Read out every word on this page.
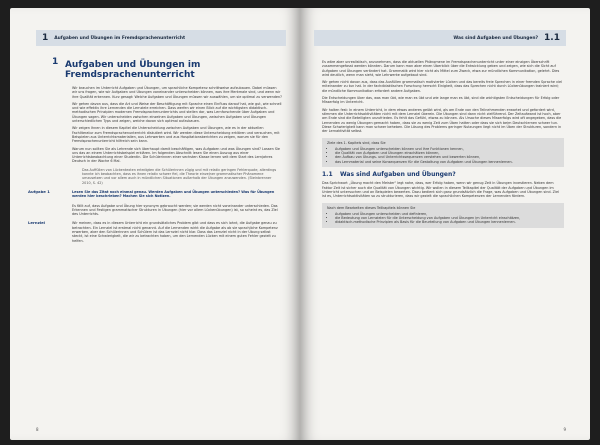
1	Aufgaben und Übungen im Fremdsprachenunterricht
1 Aufgaben und Übungen im Fremdsprachenunterricht

Wir brauchen im Unterricht Aufgaben und Übungen, um sprachliche Kompetenz schrittweise aufzubauen. Dabei müssen wir uns fragen, wie wir Aufgaben und Übungen voneinander unterscheiden können, was ihre Merkmale sind, und wenn wir ihre Qualität erkennen. Kurz gesagt: Welche Aufgaben und Übungen müssen wir auswählen, um sie optimal zu verwenden?

Wir gehen davon aus, dass die Art und Weise der Beschäftigung mit Sprache einen Einfluss darauf hat, wie gut, wie schnell und wie effektiv ihre Lernenden die Lernziele erreichen. Dass werfen wir einen Blick auf die wichtigsten didaktisch-methodischen Prinzipien modernen Fremdsprachenunterrichts und stellen dar, was Lernforschende über Aufgaben und Übungen sagen. Wir unterscheiden zwischen einzelnen Aufgaben und Übungen, zwischen Aufgaben und Übungen unterschiedlichen Typs und zeigen, welche davon sich optimal aufzubauen.

Wir zeigen Ihnen in diesem Kapitel die Unterscheidung zwischen Aufgaben und Übungen, wie es in der aktuellen Fachliteratur zum Fremdsprachenunterricht diskutiert wird. Wir werden diese Unterscheidung erklären und versuchen, mit Beispielen aus Unterrichtsmaterialien, aus Lehrwerken und aus Hospitationsberichten zu zeigen, warum sie für den Fremdsprachenunterricht hilfreich sein kann.

Warum nun sollten Sie als Lehrende sich überhaupt damit beschäftigen, was Aufgaben und was Übungen sind? Lassen Sie uns das an einem Unterrichtsbeispiel erklären. Im folgenden Abschnitt lesen Sie einen Auszug aus einer Unterrichtsbeobachtung einer Studentin. Die Schülerinnen einer sechsten Klasse lernen seit dem Start des Lernjahres Deutsch in der Woche 6 Mal.

Das Auffüllen von Lückentexten erledigten die Schülerinnen zügig und mit relativ geringen Fehlerquote, allerdings konnte ich beobachten, dass es ihnen relativ schwer fiel, die Theorie einzelner grammatischer Phänomene umzusetzen und vor allem auch in mündlichen Situationen außerhalb der Übungen anzuwenden. (Steinbrenner 2010, S. 42)

Aufgabe 1	Lesen Sie das Zitat noch einmal genau. Werden Aufgaben und Übungen unterschieden? Was für Übungen werden hier beschrieben? Machen Sie sich Notizen.

Es fällt auf, dass Aufgabe und Übung hier synonym gebraucht werden; sie werden nicht voneinander unterschieden. Das Erkennen und Festigen grammatischer Strukturen in Übungen (hier vor allem Lückenübungen) ist, so scheint es, das Ziel des Unterrichts.

Lernziel	Wir meinen, dass es in diesem Unterricht ein grundsätzliches Problem gibt und dass es sich lohnt, die Aufgabe genau zu betrachten. Ein Lernziel ist erstmal nicht genannt. Auf die Lernenden wirkt die Aufgabe als ob sie sprachliche Kompetenz erwerben, aber den Schülerinnen und Schülern ist das Lernziel nicht klar. Dass das Lernziel nicht in der Übung selbst steckt, ist eine Schwierigkeit, die wir zu betrachten haben, um den Lernenden Lücken mit einem guten Fehler gezielt zu helfen.

8
Was sind Aufgaben und Übungen? 1.1

Es wäre aber unrealistisch, anzunehmen, dass die aktuellen Phänomene im Fremdsprachenunterricht unter einer einzigen Überschrift zusammengefasst werden könnten. Darum kann man aber einen Überblick über die Entwicklung geben und zeigen, wie sich die Sicht auf Aufgaben und Übungen verändert hat. Grammatik wird hier nicht als Mittel zum Zweck, etwa zur mündlichen Kommunikation, gelehrt. Dies wird deutlich, wenn man sieht, wie Lehrwerke aufgebaut sind.

Wir gehen nicht davon aus, dass das Ausfüllen grammatisch motivierter Lücken und das bereits freie Sprechen in einer fremden Sprache viel miteinander zu tun hat. In der fachdidaktischen Forschung herrscht Einigkeit, dass das Sprechen nicht durch Lückenübungen trainiert wird; die mündliche Kommunikation erfordert andere Aufgaben.

Die Entscheidungen über das, was man übt, wie man es übt und wie lange man es übt, sind die wichtigsten Entscheidungen für Erfolg oder Misserfolg im Unterricht.

Wir halten fest: In einem Unterricht, in dem etwas anderes geübt wird, als am Ende von den Teilnehmenden erwartet und gefordert wird, stimmen die Unterrichtsaktivitäten nicht mit dem Lernziel überein. Die Übungen sind dann nicht zielführend. Der Zeitaufwand ist hoch, aber am Ende sind die Beteiligten unzufrieden. Es fehlt das Gefühl, etwas zu können. Als Ursache dieses Misserfolgs wird oft angegeben, dass die Lernenden zu wenig Übungen gemacht haben, dass sie zu wenig Zeit zum Üben hatten oder dass sie sich beim Deutschlernen schwer tun. Diese Schwierigkeit kann man schwer beheben. Die Lösung des Problems geringer Nutzungen liegt nicht im Üben der Strukturen, sondern in der Lernaktivität selbst.

Ziele des 1. Kapitels sind, dass Sie
• Aufgaben und Übungen unterscheiden können und ihre Funktionen kennen,
• die Qualität von Aufgaben und Übungen einschätzen können,
• den Aufbau von Übungs- und Unterrichtssequenzen verstehen und bewerten können,
• das Lernmaterial und seine Konsequenzen für die Gestaltung von Aufgaben und Übungen kennenlernen.
1.1	Was sind Aufgaben und Übungen?

Das Sprichwort „Übung macht den Meister" legt nahe, dass, wer Erfolg haben, wenn wir genug Zeit in Übungen investieren. Neben dem Faktor Zeit ist sicher auch die Qualität von Übungen wichtig. Wir wollen in diesem Teilkapitel der Qualität der Aufgaben und Übungen im Unterricht untersuchen und an Beispielen bewerten. Dazu bedient sich ganz grundsätzlich die Frage, was Aufgaben und Übungen sind. Ziel ist es, Unterrichtsaktivitäten so zu strukturieren, dass wir gezielt die sprachlichen Kompetenzen der Lernenden fördern.

Nach dem Bearbeiten dieses Teilkapitels können Sie
• Aufgaben und Übungen unterscheiden und definieren,
• die Bedeutung von Lernzielen für die Unterscheidung von Aufgaben und Übungen im Unterricht einschätzen,
• didaktisch-methodische Prinzipien als Basis für die Beurteilung von Aufgaben und Übungen kennenlernen.
9
